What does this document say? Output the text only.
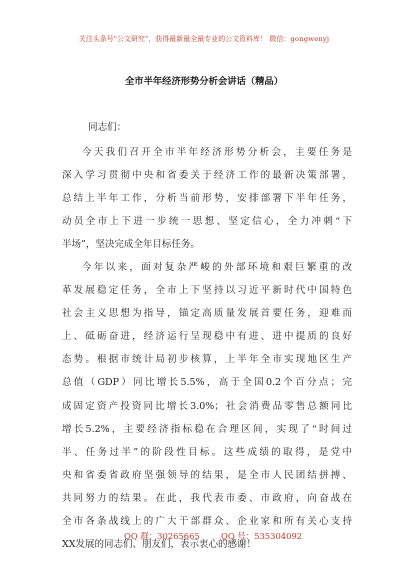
关注头条号"公文研究"，获得最新最全最专业的公文资料库！ 微信：gongwenyj
全市半年经济形势分析会讲话（精品）
同志们：
今天我们召开全市半年经济形势分析会，主要任务是
深入学习贯彻中央和省委关于经济工作的最新决策部署，
总结上半年工作，分析当前形势，安排部署下半年任务，
动员全市上下进一步统一思想、坚定信心，全力冲刺“下
半场”，坚决完成全年目标任务。
今年以来，面对复杂严峻的外部环境和艰巨繁重的改
革发展稳定任务，全市上下坚持以习近平新时代中国特色
社会主义思想为指导，锚定高质量发展首要任务，迎难而
上、砥砺奋进，经济运行呈现稳中有进、进中提质的良好
态势。根据市统计局初步核算，上半年全市实现地区生产
总值（GDP）同比增长5.5%，高于全国0.2个百分点；完
成固定资产投资同比增长3.0%；社会消费品零售总额同比
增长5.2%，主要经济指标稳在合理区间，实现了“时间过
半、任务过半”的阶段性目标。这些成绩的取得，是党中
央和省委省政府坚强领导的结果，是全市人民团结拼搏、
共同努力的结果。在此，我代表市委、市政府，向奋战在
全市各条战线上的广大干部群众、企业家和所有关心支持
XX发展的同志们、朋友们，表示衷心的感谢！
QQ 群：30265665	QQ 号：535304092
